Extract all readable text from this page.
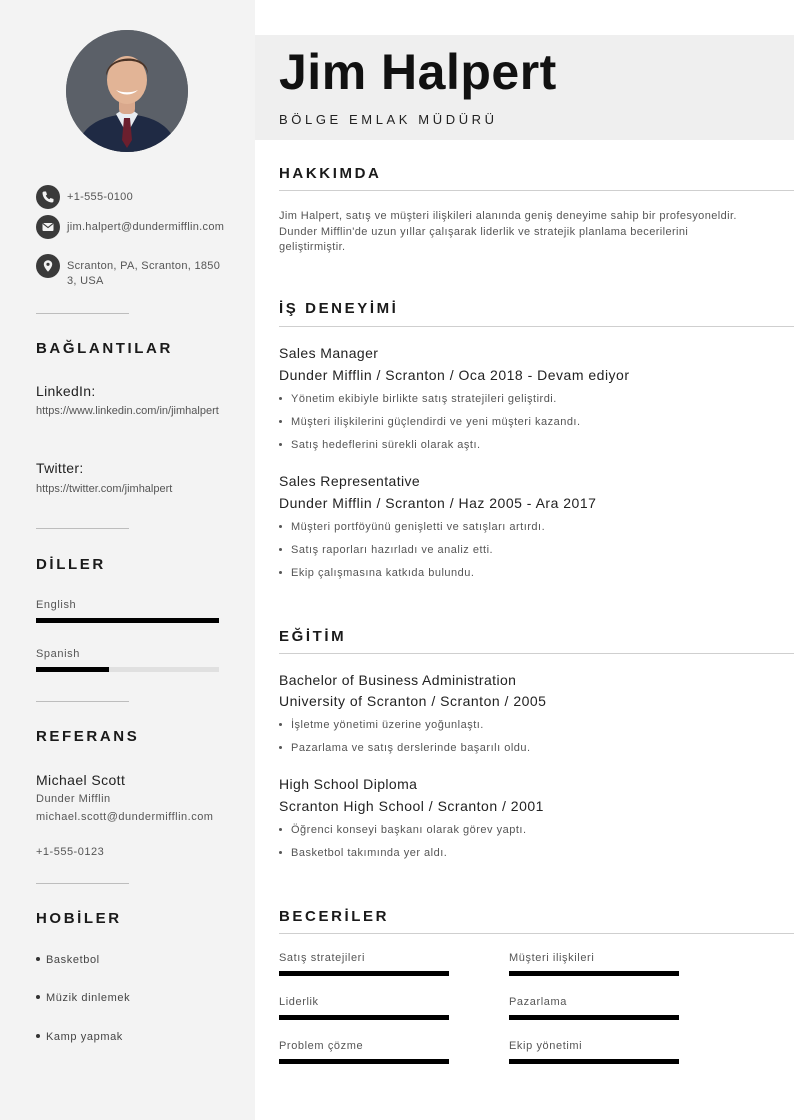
+1-555-0100
jim.halpert@dundermifflin.com
Scranton, PA, Scranton, 18503, USA
BAĞLANTILAR
LinkedIn:
https://www.linkedin.com/in/jimhalpert
Twitter:
https://twitter.com/jimhalpert
DİLLER
English
Spanish
REFERANS
Michael Scott
Dunder Mifflin
michael.scott@dundermifflin.com
+1-555-0123
HOBİLER
Basketbol
Müzik dinlemek
Kamp yapmak
Jim Halpert
BÖLGE EMLAK MÜDÜRÜ
HAKKIMDA
Jim Halpert, satış ve müşteri ilişkileri alanında geniş deneyime sahip bir profesyoneldir. Dunder Mifflin'de uzun yıllar çalışarak liderlik ve stratejik planlama becerilerini geliştirmiştir.
İŞ DENEYİMİ
Sales Manager
Dunder Mifflin / Scranton / Oca 2018 - Devam ediyor
Yönetim ekibiyle birlikte satış stratejileri geliştirdi.
Müşteri ilişkilerini güçlendirdi ve yeni müşteri kazandı.
Satış hedeflerini sürekli olarak aştı.
Sales Representative
Dunder Mifflin / Scranton / Haz 2005 - Ara 2017
Müşteri portföyünü genişletti ve satışları artırdı.
Satış raporları hazırladı ve analiz etti.
Ekip çalışmasına katkıda bulundu.
EĞİTİM
Bachelor of Business Administration
University of Scranton / Scranton / 2005
İşletme yönetimi üzerine yoğunlaştı.
Pazarlama ve satış derslerinde başarılı oldu.
High School Diploma
Scranton High School / Scranton / 2001
Öğrenci konseyi başkanı olarak görev yaptı.
Basketbol takımında yer aldı.
BECERİLER
Satış stratejileri	Müşteri ilişkileri
Liderlik	Pazarlama
Problem çözme	Ekip yönetimi
